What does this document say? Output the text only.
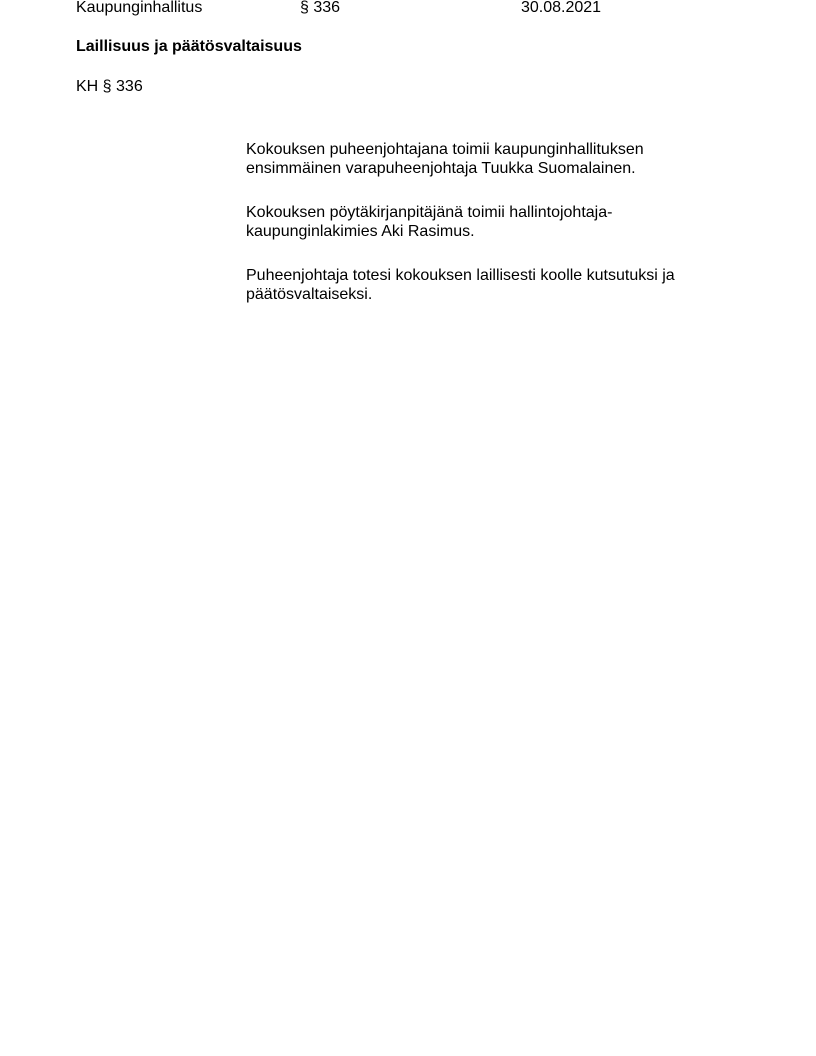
Kaupunginhallitus	§ 336	30.08.2021
Laillisuus ja päätösvaltaisuus
KH § 336

Kokouksen puheenjohtajana toimii kaupunginhallituksen ensimmäinen varapuheenjohtaja Tuukka Suomalainen.

Kokouksen pöytäkirjanpitäjänä toimii hallintojohtaja-kaupunginlakimies Aki Rasimus.

Puheenjohtaja totesi kokouksen laillisesti koolle kutsutuksi ja päätösvaltaiseksi.
